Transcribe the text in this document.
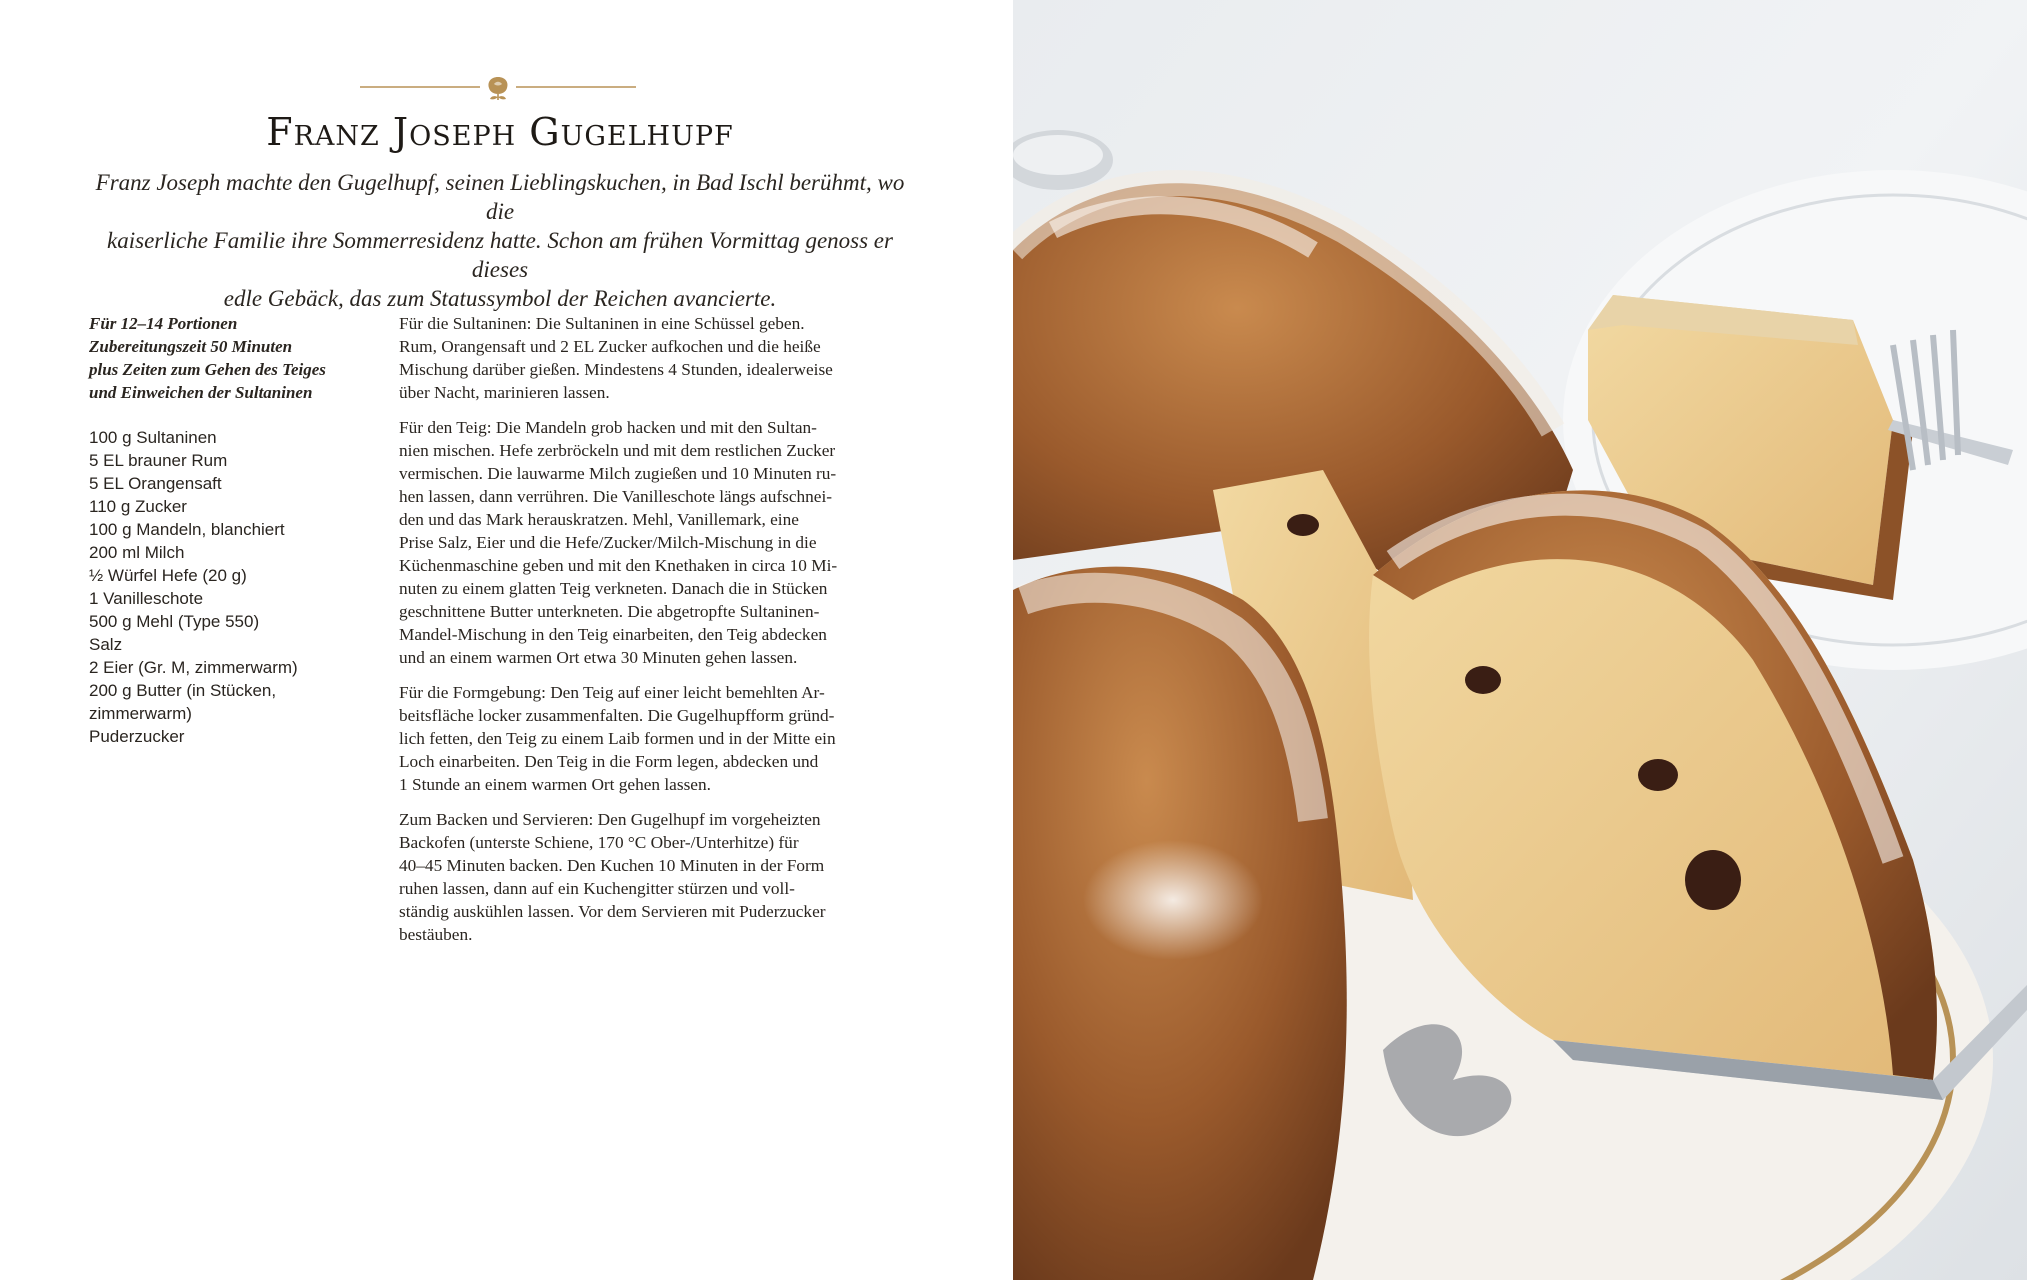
Franz Joseph Gugelhupf
Franz Joseph machte den Gugelhupf, seinen Lieblingskuchen, in Bad Ischl berühmt, wo die
kaiserliche Familie ihre Sommerresidenz hatte. Schon am frühen Vormittag genoss er dieses
edle Gebäck, das zum Statussymbol der Reichen avancierte.
Für 12–14 Portionen
Zubereitungszeit 50 Minuten
plus Zeiten zum Gehen des Teiges
und Einweichen der Sultaninen
100 g Sultaninen
5 EL brauner Rum
5 EL Orangensaft
110 g Zucker
100 g Mandeln, blanchiert
200 ml Milch
½ Würfel Hefe (20 g)
1 Vanilleschote
500 g Mehl (Type 550)
Salz
2 Eier (Gr. M, zimmerwarm)
200 g Butter (in Stücken,
zimmerwarm)
Puderzucker

Für die Sultaninen: Die Sultaninen in eine Schüssel geben.
Rum, Orangensaft und 2 EL Zucker aufkochen und die heiße
Mischung darüber gießen. Mindestens 4 Stunden, idealerweise
über Nacht, marinieren lassen.

Für den Teig: Die Mandeln grob hacken und mit den Sultan-
nien mischen. Hefe zerbröckeln und mit dem restlichen Zucker
vermischen. Die lauwarme Milch zugießen und 10 Minuten ru-
hen lassen, dann verrühren. Die Vanilleschote längs aufschnei-
den und das Mark herauskratzen. Mehl, Vanillemark, eine
Prise Salz, Eier und die Hefe/Zucker/Milch-Mischung in die
Küchenmaschine geben und mit den Knethaken in circa 10 Mi-
nuten zu einem glatten Teig verkneten. Danach die in Stücken
geschnittene Butter unterkneten. Die abgetropfte Sultaninen-
Mandel-Mischung in den Teig einarbeiten, den Teig abdecken
und an einem warmen Ort etwa 30 Minuten gehen lassen.

Für die Formgebung: Den Teig auf einer leicht bemehlten Ar-
beitsfläche locker zusammenfalten. Die Gugelhupfform gründ-
lich fetten, den Teig zu einem Laib formen und in der Mitte ein
Loch einarbeiten. Den Teig in die Form legen, abdecken und
1 Stunde an einem warmen Ort gehen lassen.

Zum Backen und Servieren: Den Gugelhupf im vorgeheizten
Backofen (unterste Schiene, 170 °C Ober-/Unterhitze) für
40–45 Minuten backen. Den Kuchen 10 Minuten in der Form
ruhen lassen, dann auf ein Kuchengitter stürzen und voll-
ständig auskühlen lassen. Vor dem Servieren mit Puderzucker
bestäuben.
